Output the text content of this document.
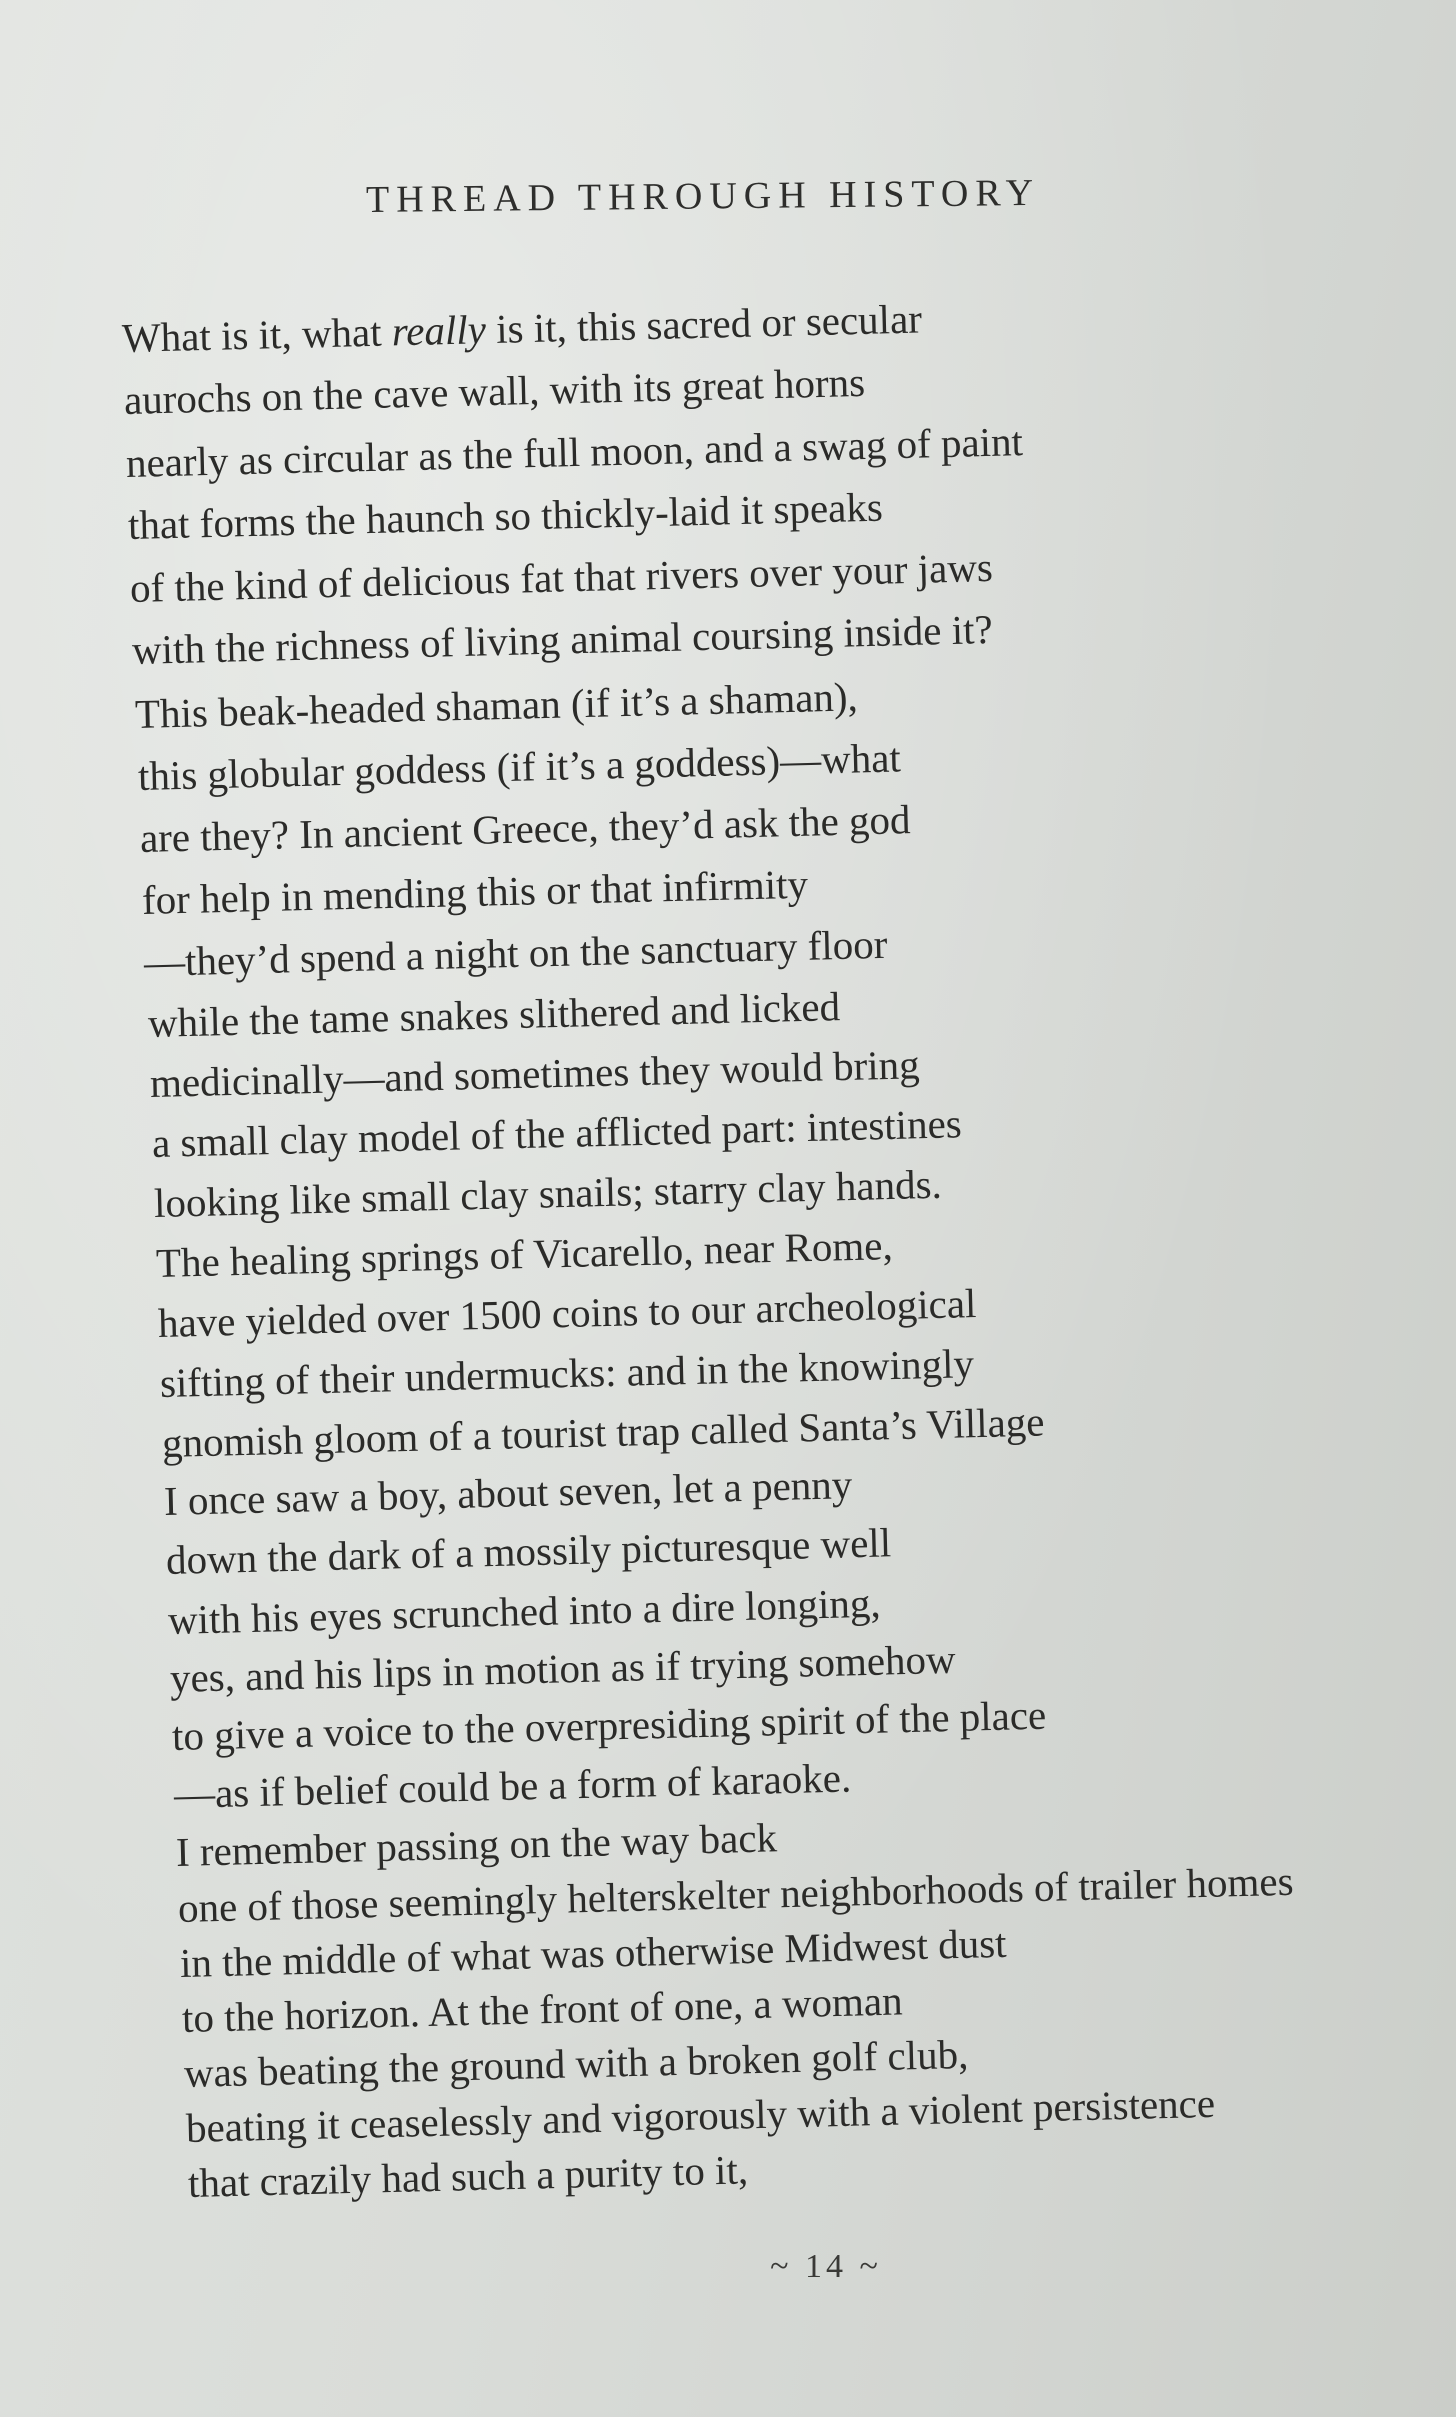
THREAD THROUGH HISTORY
What is it, what really is it, this sacred or secular
aurochs on the cave wall, with its great horns
nearly as circular as the full moon, and a swag of paint
that forms the haunch so thickly-laid it speaks
of the kind of delicious fat that rivers over your jaws
with the richness of living animal coursing inside it?
This beak-headed shaman (if it’s a shaman),
this globular goddess (if it’s a goddess)—what
are they? In ancient Greece, they’d ask the god
for help in mending this or that infirmity
—they’d spend a night on the sanctuary floor
while the tame snakes slithered and licked
medicinally—and sometimes they would bring
a small clay model of the afflicted part: intestines
looking like small clay snails; starry clay hands.
The healing springs of Vicarello, near Rome,
have yielded over 1500 coins to our archeological
sifting of their undermucks: and in the knowingly
gnomish gloom of a tourist trap called Santa’s Village
I once saw a boy, about seven, let a penny
down the dark of a mossily picturesque well
with his eyes scrunched into a dire longing,
yes, and his lips in motion as if trying somehow
to give a voice to the overpresiding spirit of the place
—as if belief could be a form of karaoke.
I remember passing on the way back
one of those seemingly helterskelter neighborhoods of trailer homes
in the middle of what was otherwise Midwest dust
to the horizon. At the front of one, a woman
was beating the ground with a broken golf club,
beating it ceaselessly and vigorously with a violent persistence
that crazily had such a purity to it,
~ 14 ~
